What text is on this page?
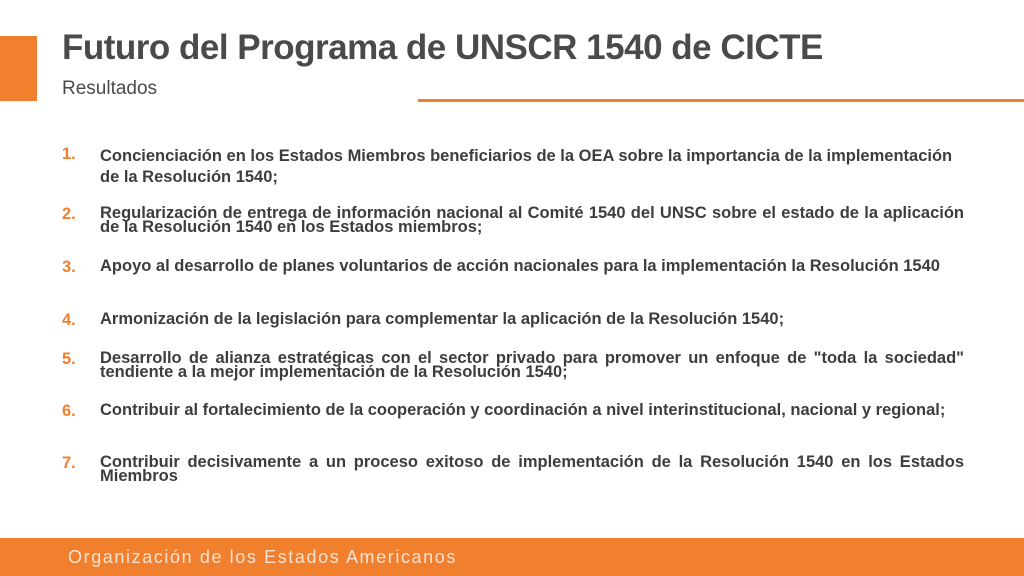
Futuro del Programa de UNSCR 1540 de CICTE
Resultados
1.	Concienciación en los Estados Miembros beneficiarios de la OEA sobre la importancia de la implementación de la Resolución 1540;
2.	Regularización de entrega de información nacional al Comité 1540 del UNSC sobre el estado de la aplicación de la Resolución 1540 en los Estados miembros;
3.	Apoyo al desarrollo de planes voluntarios de acción nacionales para la implementación la Resolución 1540
4.	Armonización de la legislación para complementar la aplicación de la Resolución 1540;
5.	Desarrollo de alianza estratégicas con el sector privado para promover un enfoque de "toda la sociedad" tendiente a la mejor implementación de la Resolución 1540;
6.	Contribuir al fortalecimiento de la cooperación y coordinación a nivel interinstitucional, nacional y regional;
7.	Contribuir decisivamente a un proceso exitoso de implementación de la Resolución 1540 en los Estados Miembros
Organización de los Estados Americanos
